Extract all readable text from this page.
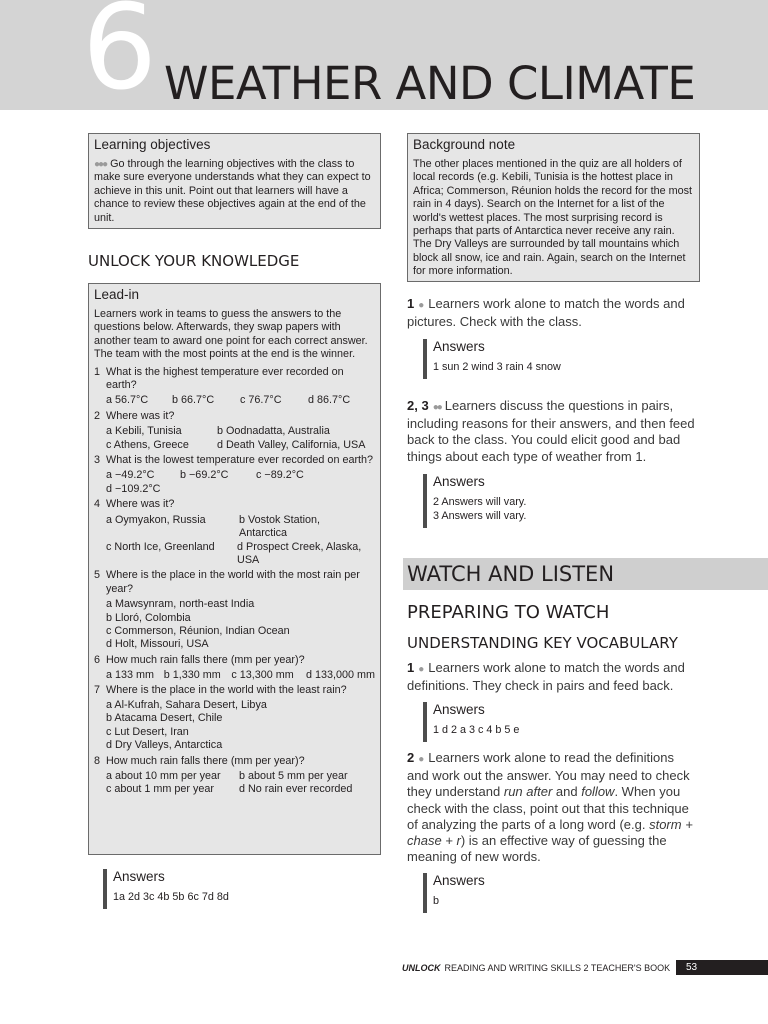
6 WEATHER AND CLIMATE
Learning objectives
●●● Go through the learning objectives with the class to make sure everyone understands what they can expect to achieve in this unit. Point out that learners will have a chance to review these objectives again at the end of the unit.
UNLOCK YOUR KNOWLEDGE
Lead-in
Learners work in teams to guess the answers to the questions below. Afterwards, they swap papers with another team to award one point for each correct answer. The team with the most points at the end is the winner.
1 What is the highest temperature ever recorded on earth?
a 56.7°C	b 66.7°C	c 76.7°C	d 86.7°C
2 Where was it?
a Kebili, Tunisia	b Oodnadatta, Australia
c Athens, Greece	d Death Valley, California, USA
3 What is the lowest temperature ever recorded on earth?
a −49.2°C	b −69.2°C	c −89.2°C
d −109.2°C
4 Where was it?
a Oymyakon, Russia	b Vostok Station, Antarctica
c North Ice, Greenland	d Prospect Creek, Alaska, USA
5 Where is the place in the world with the most rain per year?
a Mawsynram, north-east India
b Lloró, Colombia
c Commerson, Réunion, Indian Ocean
d Holt, Missouri, USA
6 How much rain falls there (mm per year)?
a 133 mm b 1,330 mm c 13,300 mm	d 133,000 mm
7 Where is the place in the world with the least rain?
a Al-Kufrah, Sahara Desert, Libya
b Atacama Desert, Chile
c Lut Desert, Iran
d Dry Valleys, Antarctica
8 How much rain falls there (mm per year)?
a about 10 mm per year	b about 5 mm per year
c about 1 mm per year	d No rain ever recorded
Answers
1a 2d 3c 4b 5b 6c 7d 8d
Background note
The other places mentioned in the quiz are all holders of local records (e.g. Kebili, Tunisia is the hottest place in Africa; Commerson, Réunion holds the record for the most rain in 4 days). Search on the Internet for a list of the world's wettest places. The most surprising record is perhaps that parts of Antarctica never receive any rain. The Dry Valleys are surrounded by tall mountains which block all snow, ice and rain. Again, search on the Internet for more information.
1 ● Learners work alone to match the words and pictures. Check with the class.
Answers
1 sun 2 wind 3 rain 4 snow
2, 3 ●● Learners discuss the questions in pairs, including reasons for their answers, and then feed back to the class. You could elicit good and bad things about each type of weather from 1.
Answers
2 Answers will vary.
3 Answers will vary.
WATCH AND LISTEN
PREPARING TO WATCH
UNDERSTANDING KEY VOCABULARY
1 ● Learners work alone to match the words and definitions. They check in pairs and feed back.
Answers
1 d 2 a 3 c 4 b 5 e
2 ● Learners work alone to read the definitions and work out the answer. You may need to check they understand run after and follow. When you check with the class, point out that this technique of analyzing the parts of a long word (e.g. storm + chase + r) is an effective way of guessing the meaning of new words.
Answers
b
UNLOCK READING AND WRITING SKILLS 2 TEACHER'S BOOK	53
